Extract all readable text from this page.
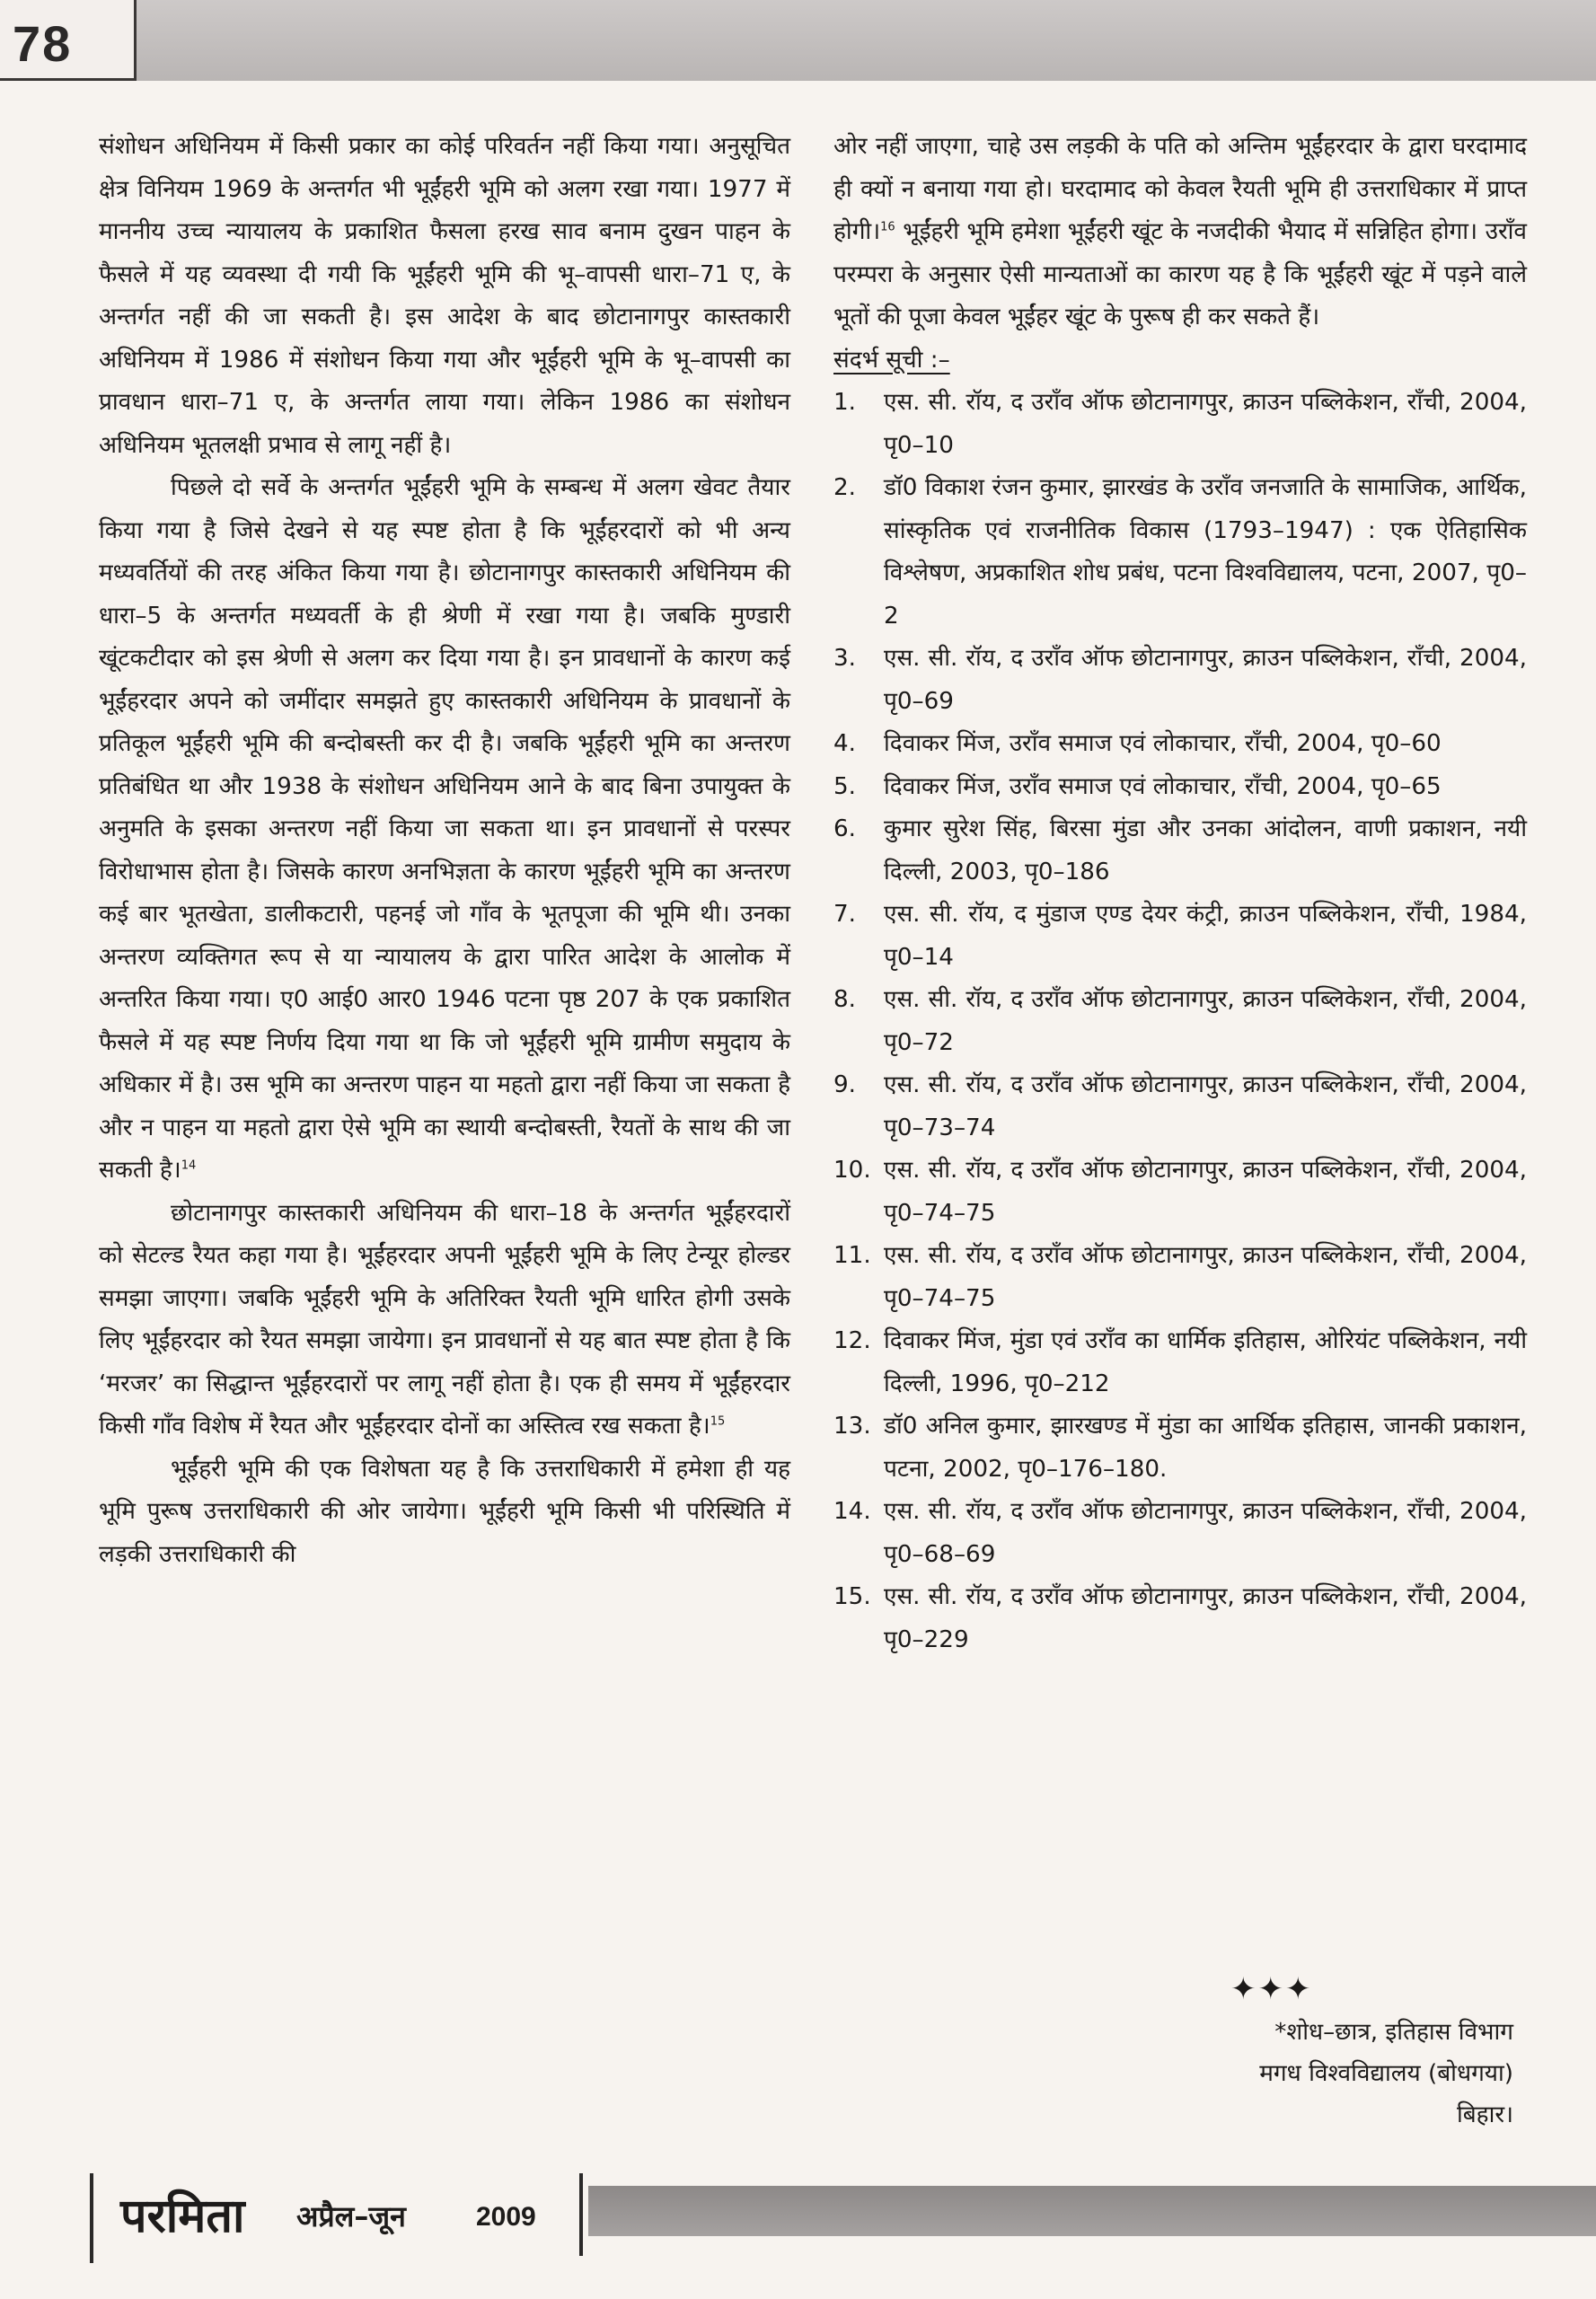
78

संशोधन अधिनियम में किसी प्रकार का कोई परिवर्तन नहीं किया गया। अनुसूचित क्षेत्र विनियम 1969 के अन्तर्गत भी भूईंहरी भूमि को अलग रखा गया। 1977 में माननीय उच्च न्यायालय के प्रकाशित फैसला हरख साव बनाम दुखन पाहन के फैसले में यह व्यवस्था दी गयी कि भूईंहरी भूमि की भू–वापसी धारा–71 ए, के अन्तर्गत नहीं की जा सकती है। इस आदेश के बाद छोटानागपुर कास्तकारी अधिनियम में 1986 में संशोधन किया गया और भूईंहरी भूमि के भू–वापसी का प्रावधान धारा–71 ए, के अन्तर्गत लाया गया। लेकिन 1986 का संशोधन अधिनियम भूतलक्षी प्रभाव से लागू नहीं है।

पिछले दो सर्वे के अन्तर्गत भूईंहरी भूमि के सम्बन्ध में अलग खेवट तैयार किया गया है जिसे देखने से यह स्पष्ट होता है कि भूईंहरदारों को भी अन्य मध्यवर्तियों की तरह अंकित किया गया है। छोटानागपुर कास्तकारी अधिनियम की धारा–5 के अन्तर्गत मध्यवर्ती के ही श्रेणी में रखा गया है। जबकि मुण्डारी खूंटकटीदार को इस श्रेणी से अलग कर दिया गया है। इन प्रावधानों के कारण कई भूईंहरदार अपने को जमींदार समझते हुए कास्तकारी अधिनियम के प्रावधानों के प्रतिकूल भूईंहरी भूमि की बन्दोबस्ती कर दी है। जबकि भूईंहरी भूमि का अन्तरण प्रतिबंधित था और 1938 के संशोधन अधिनियम आने के बाद बिना उपायुक्त के अनुमति के इसका अन्तरण नहीं किया जा सकता था। इन प्रावधानों से परस्पर विरोधाभास होता है। जिसके कारण अनभिज्ञता के कारण भूईंहरी भूमि का अन्तरण कई बार भूतखेता, डालीकटारी, पहनई जो गाँव के भूतपूजा की भूमि थी। उनका अन्तरण व्यक्तिगत रूप से या न्यायालय के द्वारा पारित आदेश के आलोक में अन्तरित किया गया। ए0 आई0 आर0 1946 पटना पृष्ठ 207 के एक प्रकाशित फैसले में यह स्पष्ट निर्णय दिया गया था कि जो भूईंहरी भूमि ग्रामीण समुदाय के अधिकार में है। उस भूमि का अन्तरण पाहन या महतो द्वारा नहीं किया जा सकता है और न पाहन या महतो द्वारा ऐसे भूमि का स्थायी बन्दोबस्ती, रैयतों के साथ की जा सकती है।$^{14}$

छोटानागपुर कास्तकारी अधिनियम की धारा–18 के अन्तर्गत भूईंहरदारों को सेटल्ड रैयत कहा गया है। भूईंहरदार अपनी भूईंहरी भूमि के लिए टेन्यूर होल्डर समझा जाएगा। जबकि भूईंहरी भूमि के अतिरिक्त रैयती भूमि धारित होगी उसके लिए भूईंहरदार को रैयत समझा जायेगा। इन प्रावधानों से यह बात स्पष्ट होता है कि ‘मरजर’ का सिद्धान्त भूईंहरदारों पर लागू नहीं होता है। एक ही समय में भूईंहरदार किसी गाँव विशेष में रैयत और भूईंहरदार दोनों का अस्तित्व रख सकता है।$^{15}$

भूईंहरी भूमि की एक विशेषता यह है कि उत्तराधिकारी में हमेशा ही यह भूमि पुरूष उत्तराधिकारी की ओर जायेगा। भूईंहरी भूमि किसी भी परिस्थिति में लड़की उत्तराधिकारी की

ओर नहीं जाएगा, चाहे उस लड़की के पति को अन्तिम भूईंहरदार के द्वारा घरदामाद ही क्यों न बनाया गया हो। घरदामाद को केवल रैयती भूमि ही उत्तराधिकार में प्राप्त होगी।$^{16}$ भूईंहरी भूमि हमेशा भूईंहरी खूंट के नजदीकी भैयाद में सन्निहित होगा। उराँव परम्परा के अनुसार ऐसी मान्यताओं का कारण यह है कि भूईंहरी खूंट में पड़ने वाले भूतों की पूजा केवल भूईंहर खूंट के पुरूष ही कर सकते हैं।

संदर्भ सूची :–

1. एस. सी. रॉय, द उरॉंव ऑफ छोटानागपुर, क्राउन पब्लिकेशन, राँची, 2004, पृ0–10
2. डॉ0 विकाश रंजन कुमार, झारखंड के उराँव जनजाति के सामाजिक, आर्थिक, सांस्कृतिक एवं राजनीतिक विकास (1793–1947) : एक ऐतिहासिक विश्लेषण, अप्रकाशित शोध प्रबंध, पटना विश्वविद्यालय, पटना, 2007, पृ0–2
3. एस. सी. रॉय, द उरॉंव ऑफ छोटानागपुर, क्राउन पब्लिकेशन, राँची, 2004, पृ0–69
4. दिवाकर मिंज, उराँव समाज एवं लोकाचार, राँची, 2004, पृ0–60
5. दिवाकर मिंज, उराँव समाज एवं लोकाचार, राँची, 2004, पृ0–65
6. कुमार सुरेश सिंह, बिरसा मुंडा और उनका आंदोलन, वाणी प्रकाशन, नयी दिल्ली, 2003, पृ0–186
7. एस. सी. रॉय, द मुंडाज एण्ड देयर कंट्री, क्राउन पब्लिकेशन, राँची, 1984, पृ0–14
8. एस. सी. रॉय, द उरॉंव ऑफ छोटानागपुर, क्राउन पब्लिकेशन, राँची, 2004, पृ0–72
9. एस. सी. रॉय, द उरॉंव ऑफ छोटानागपुर, क्राउन पब्लिकेशन, राँची, 2004, पृ0–73–74
10. एस. सी. रॉय, द उरॉंव ऑफ छोटानागपुर, क्राउन पब्लिकेशन, राँची, 2004, पृ0–74–75
11. एस. सी. रॉय, द उरॉंव ऑफ छोटानागपुर, क्राउन पब्लिकेशन, राँची, 2004, पृ0–74–75
12. दिवाकर मिंज, मुंडा एवं उराँव का धार्मिक इतिहास, ओरियंट पब्लिकेशन, नयी दिल्ली, 1996, पृ0–212
13. डॉ0 अनिल कुमार, झारखण्ड में मुंडा का आर्थिक इतिहास, जानकी प्रकाशन, पटना, 2002, पृ0–176–180.
14. एस. सी. रॉय, द उरॉंव ऑफ छोटानागपुर, क्राउन पब्लिकेशन, राँची, 2004, पृ0–68–69
15. एस. सी. रॉय, द उरॉंव ऑफ छोटानागपुर, क्राउन पब्लिकेशन, राँची, 2004, पृ0–229
✦✦✦
*शोध–छात्र, इतिहास विभाग
मगध विश्वविद्यालय (बोधगया)
बिहार।
परमिता अप्रैल–जून	2009
